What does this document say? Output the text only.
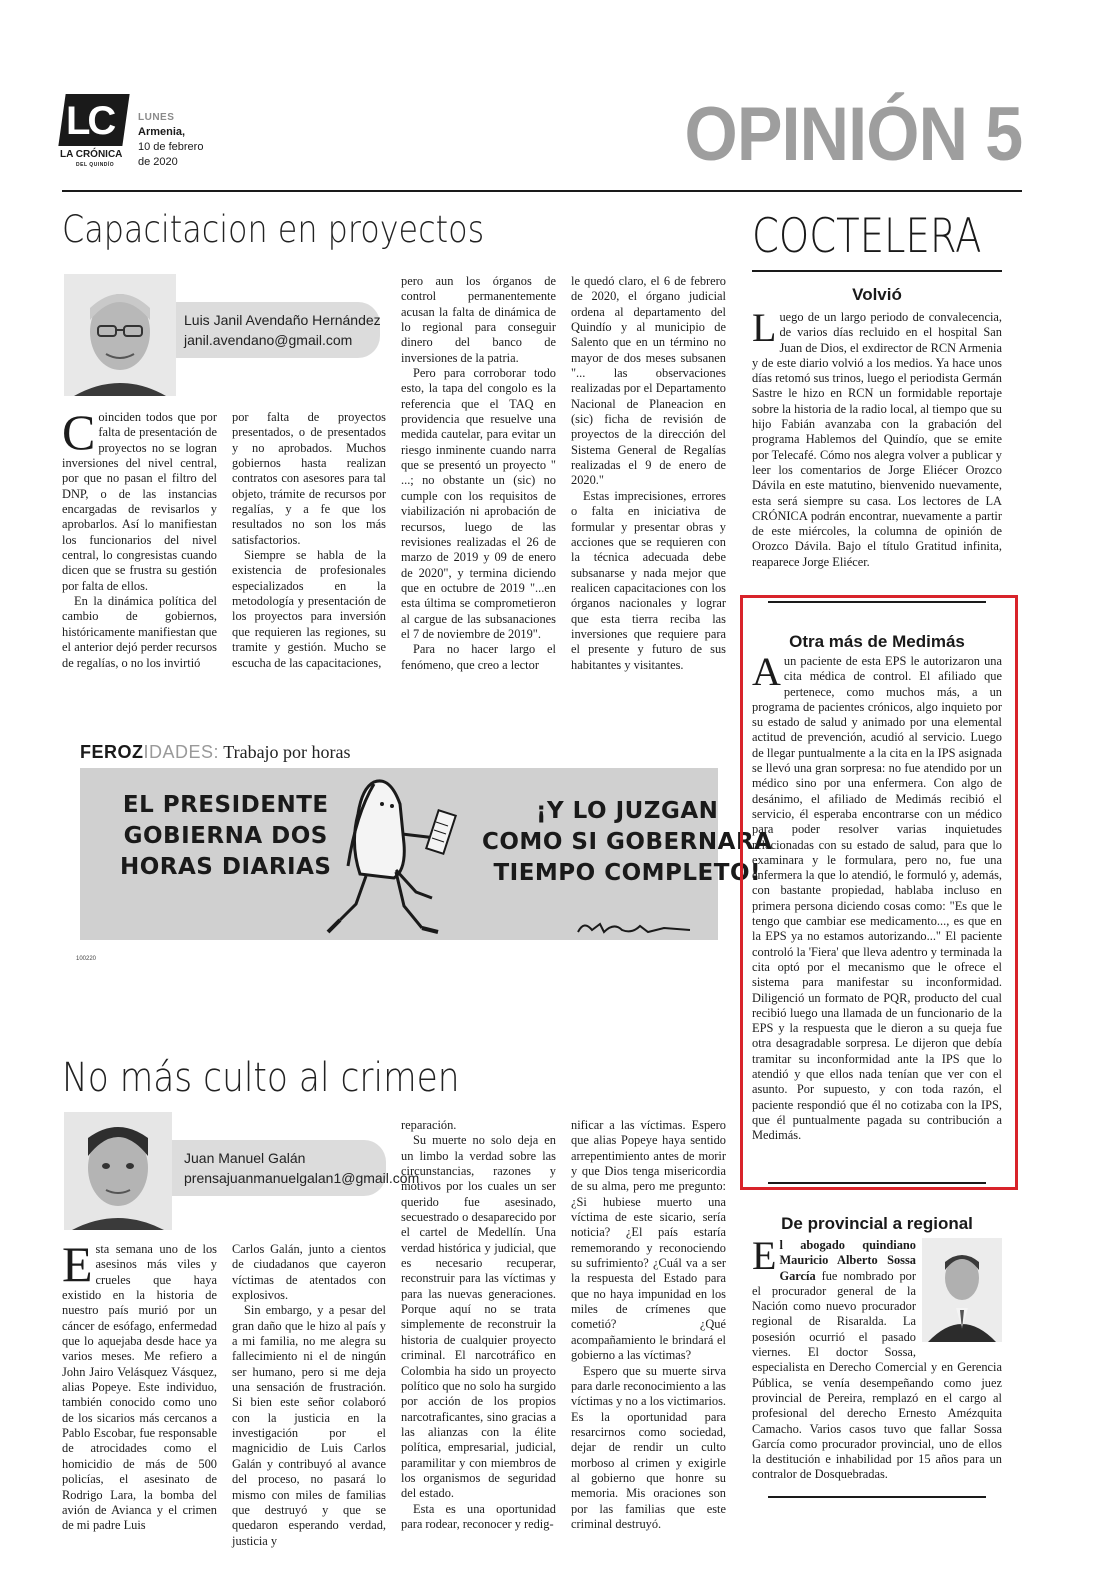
LC
LA CRÓNICA
DEL QUINDÍO
LUNES
Armenia,
10 de febrero
de 2020	OPINIÓN 5
Capacitacion en proyectos
Luis Janil Avendaño Hernández
janil.avendano@gmail.com

Coinciden todos que por falta de presentación de proyectos no se logran inversiones del nivel central, por que no pasan el filtro del DNP, o de las instancias encargadas de revisarlos y aprobarlos. Así lo manifiestan los funcionarios del nivel central, lo congresistas cuando dicen que se frustra su gestión por falta de ellos.

En la dinámica política del cambio de gobiernos, históricamente manifiestan que el anterior dejó perder recursos de regalías, o no los invirtió

por falta de proyectos presentados, o de presentados y no aprobados. Muchos gobiernos hasta realizan contratos con asesores para tal objeto, trámite de recursos por regalías, y a fe que los resultados no son los más satisfactorios.

Siempre se habla de la existencia de profesionales especializados en la metodología y presentación de los proyectos para inversión que requieren las regiones, su tramite y gestión. Mucho se escucha de las capacitaciones,

pero aun los órganos de control permanentemente acusan la falta de dinámica de lo regional para conseguir dinero del banco de inversiones de la patria.

Pero para corroborar todo esto, la tapa del congolo es la referencia que el TAQ en providencia que resuelve una medida cautelar, para evitar un riesgo inminente cuando narra que se presentó un proyecto " ...; no obstante un (sic) no cumple con los requisitos de viabilización ni aprobación de recursos, luego de las revisiones realizadas el 26 de marzo de 2019 y 09 de enero de 2020", y termina diciendo que en octubre de 2019 "...en esta última se comprometieron al cargue de las subsanaciones el 7 de noviembre de 2019".

Para no hacer largo el fenómeno, que creo a lector

le quedó claro, el 6 de febrero de 2020, el órgano judicial ordena al departamento del Quindío y al municipio de Salento que en un término no mayor de dos meses subsanen "... las observaciones realizadas por el Departamento Nacional de Planeacion en (sic) ficha de revisión de proyectos de la dirección del Sistema General de Regalías realizadas el 9 de enero de 2020."

Estas imprecisiones, errores o falta en iniciativa de formular y presentar obras y acciones que se requieren con la técnica adecuada debe subsanarse y nada mejor que realicen capacitaciones con los órganos nacionales y lograr que esta tierra reciba las inversiones que requiere para el presente y futuro de sus habitantes y visitantes.

FEROZIDADES: Trabajo por horas
EL PRESIDENTE
GOBIERNA DOS
HORAS DIARIAS
¡Y LO JUZGAN
COMO SI GOBERNARA
TIEMPO COMPLETO!
100220
No más culto al crimen
Juan Manuel Galán
prensajuanmanuelgalan1@gmail.com

Esta semana uno de los asesinos más viles y crueles que haya existido en la historia de nuestro país murió por un cáncer de esófago, enfermedad que lo aquejaba desde hace ya varios meses. Me refiero a John Jairo Velásquez Vásquez, alias Popeye. Este individuo, también conocido como uno de los sicarios más cercanos a Pablo Escobar, fue responsable de atrocidades como el homicidio de más de 500 policías, el asesinato de Rodrigo Lara, la bomba del avión de Avianca y el crimen de mi padre Luis

Carlos Galán, junto a cientos de ciudadanos que cayeron víctimas de atentados con explosivos.

Sin embargo, y a pesar del gran daño que le hizo al país y a mi familia, no me alegra su fallecimiento ni el de ningún ser humano, pero si me deja una sensación de frustración. Si bien este señor colaboró con la justicia en la investigación por el magnicidio de Luis Carlos Galán y contribuyó al avance del proceso, no pasará lo mismo con miles de familias que destruyó y que se quedaron esperando verdad, justicia y

reparación.

Su muerte no solo deja en un limbo la verdad sobre las circunstancias, razones y motivos por los cuales un ser querido fue asesinado, secuestrado o desaparecido por el cartel de Medellín. Una verdad histórica y judicial, que es necesario recuperar, reconstruir para las víctimas y para las nuevas generaciones. Porque aquí no se trata simplemente de reconstruir la historia de cualquier proyecto criminal. El narcotráfico en Colombia ha sido un proyecto político que no solo ha surgido por acción de los propios narcotraficantes, sino gracias a las alianzas con la élite política, empresarial, judicial, paramilitar y con miembros de los organismos de seguridad del estado.

Esta es una oportunidad para rodear, reconocer y redig-

nificar a las víctimas. Espero que alias Popeye haya sentido arrepentimiento antes de morir y que Dios tenga misericordia de su alma, pero me pregunto: ¿Si hubiese muerto una víctima de este sicario, sería noticia? ¿El país estaría rememorando y reconociendo su sufrimiento? ¿Cuál va a ser la respuesta del Estado para que no haya impunidad en los miles de crímenes que cometió? ¿Qué acompañamiento le brindará el gobierno a las víctimas?

Espero que su muerte sirva para darle reconocimiento a las víctimas y no a los victimarios. Es la oportunidad para resarcirnos como sociedad, dejar de rendir un culto morboso al crimen y exigirle al gobierno que honre su memoria. Mis oraciones son por las familias que este criminal destruyó.

COCTELERA
Volvió
Luego de un largo periodo de convalecencia, de varios días recluido en el hospital San Juan de Dios, el exdirector de RCN Armenia y de este diario volvió a los medios. Ya hace unos días retomó sus trinos, luego el periodista Germán Sastre le hizo en RCN un formidable reportaje sobre la historia de la radio local, al tiempo que su hijo Fabián avanzaba con la grabación del programa Hablemos del Quindío, que se emite por Telecafé. Cómo nos alegra volver a publicar y leer los comentarios de Jorge Eliécer Orozco Dávila en este matutino, bienvenido nuevamente, esta será siempre su casa. Los lectores de LA CRÓNICA podrán encontrar, nuevamente a partir de este miércoles, la columna de opinión de Orozco Dávila. Bajo el título Gratitud infinita, reaparece Jorge Eliécer.
Otra más de Medimás
Aun paciente de esta EPS le autorizaron una cita médica de control. El afiliado que pertenece, como muchos más, a un programa de pacientes crónicos, algo inquieto por su estado de salud y animado por una elemental actitud de prevención, acudió al servicio. Luego de llegar puntualmente a la cita en la IPS asignada se llevó una gran sorpresa: no fue atendido por un médico sino por una enfermera. Con algo de desánimo, el afiliado de Medimás recibió el servicio, él esperaba encontrarse con un médico para poder resolver varias inquietudes relacionadas con su estado de salud, para que lo examinara y le formulara, pero no, fue una enfermera la que lo atendió, le formuló y, además, con bastante propiedad, hablaba incluso en primera persona diciendo cosas como: "Es que le tengo que cambiar ese medicamento..., es que en la EPS ya no estamos autorizando..." El paciente controló la 'Fiera' que lleva adentro y terminada la cita optó por el mecanismo que le ofrece el sistema para manifestar su inconformidad. Diligenció un formato de PQR, producto del cual recibió luego una llamada de un funcionario de la EPS y la respuesta que le dieron a su queja fue otra desagradable sorpresa. Le dijeron que debía tramitar su inconformidad ante la IPS que lo atendió y que ellos nada tenían que ver con el asunto. Por supuesto, y con toda razón, el paciente respondió que él no cotizaba con la IPS, que él puntualmente pagada su contribución a Medimás.
De provincial a regional
El abogado quindiano Mauricio Alberto Sossa García fue nombrado por el procurador general de la Nación como nuevo procurador regional de Risaralda. La posesión ocurrió el pasado viernes. El doctor Sossa, especialista en Derecho Comercial y en Gerencia Pública, se venía desempeñando como juez provincial de Pereira, remplazó en el cargo al profesional del derecho Ernesto Amézquita Camacho. Varios casos tuvo que fallar Sossa García como procurador provincial, uno de ellos la destitución e inhabilidad por 15 años para un contralor de Dosquebradas.
